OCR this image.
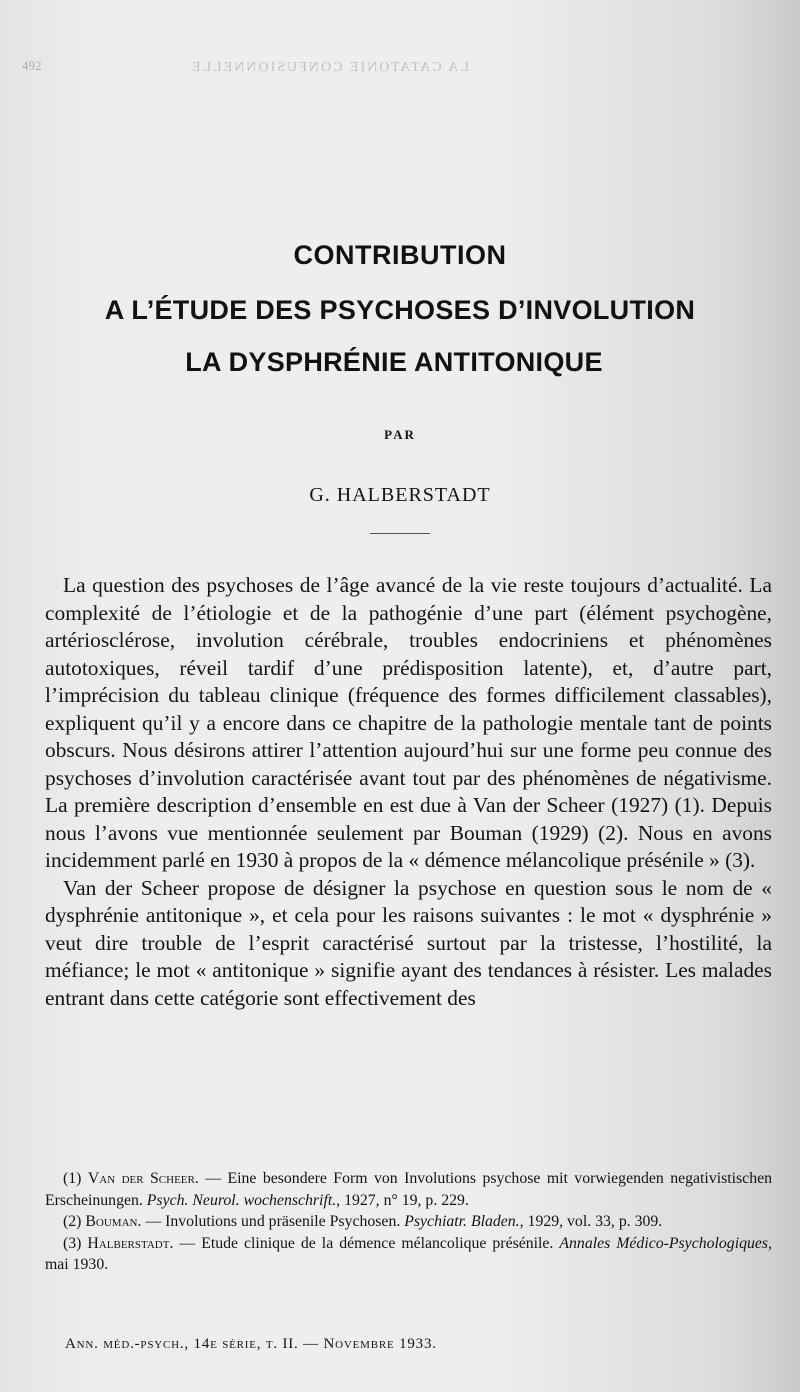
492	LA CATATONIE CONFUSIONNELLE
CONTRIBUTION
A L’ÉTUDE DES PSYCHOSES D’INVOLUTION
LA DYSPHRÉNIE ANTITONIQUE
PAR
G. HALBERSTADT

La question des psychoses de l’âge avancé de la vie reste toujours d’actualité. La complexité de l’étiologie et de la pathogénie d’une part (élément psychogène, artériosclérose, involution cérébrale, troubles endocriniens et phénomènes autotoxiques, réveil tardif d’une prédisposition latente), et, d’autre part, l’imprécision du tableau clinique (fréquence des formes difficilement classables), expliquent qu’il y a encore dans ce chapitre de la pathologie mentale tant de points obscurs. Nous désirons attirer l’attention aujourd’hui sur une forme peu connue des psychoses d’involution caractérisée avant tout par des phénomènes de négativisme. La première description d’ensemble en est due à Van der Scheer (1927) (1). Depuis nous l’avons vue mentionnée seulement par Bouman (1929) (2). Nous en avons incidemment parlé en 1930 à propos de la « démence mélancolique présénile » (3).

Van der Scheer propose de désigner la psychose en question sous le nom de « dysphrénie antitonique », et cela pour les raisons suivantes : le mot « dysphrénie » veut dire trouble de l’esprit caractérisé surtout par la tristesse, l’hostilité, la méfiance; le mot « antitonique » signifie ayant des tendances à résister. Les malades entrant dans cette catégorie sont effectivement des

(1) Van der Scheer. — Eine besondere Form von Involutions psychose mit vorwiegenden negativistischen Erscheinungen. Psych. Neurol. wochenschrift., 1927, n° 19, p. 229.

(2) Bouman. — Involutions und präsenile Psychosen. Psychiatr. Bladen., 1929, vol. 33, p. 309.

(3) Halberstadt. — Etude clinique de la démence mélancolique présénile. Annales Médico-Psychologiques, mai 1930.

Ann. méd.-psych., 14e série, t. II. — Novembre 1933.
